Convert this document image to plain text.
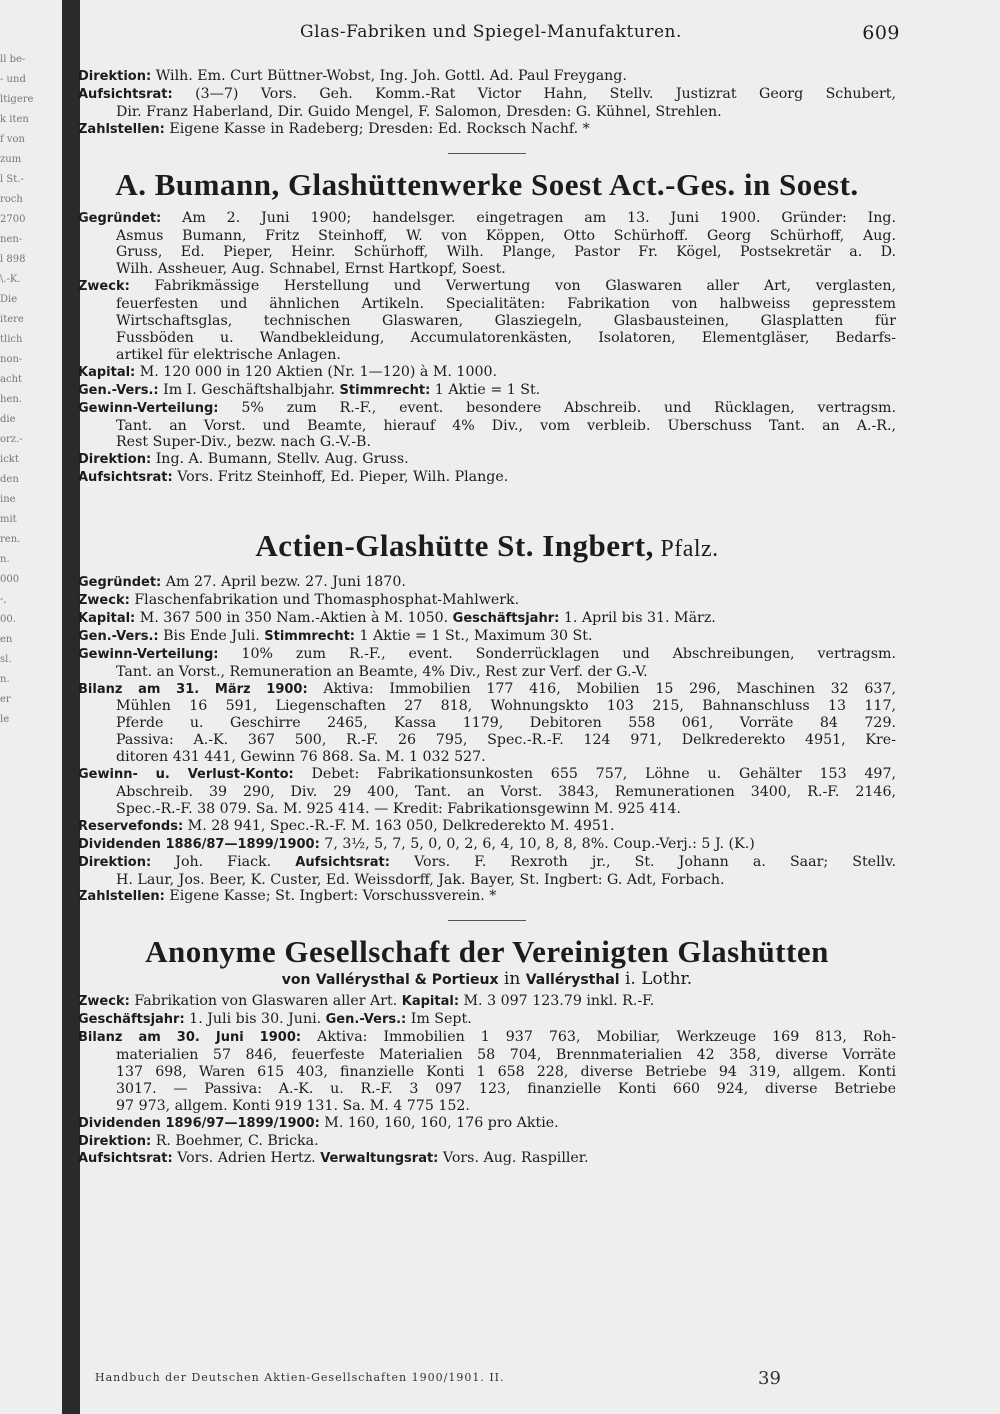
ll be-
- und
ltigere
k iten
f von
zum
l St.-
roch
2700
nen-
l 898
\.-K.
Die
itere
tlich
non-
acht
hen.
die
orz.-
ickt
den
ine
mit
ren.
n.
000
-,
00.
en
sl.
n.
er
le
Glas-Fabriken und Spiegel-Manufakturen.	609
Direktion: Wilh. Em. Curt Büttner-Wobst, Ing. Joh. Gottl. Ad. Paul Freygang.
Aufsichtsrat: (3—7) Vors. Geh. Komm.-Rat Victor Hahn, Stellv. Justizrat Georg Schubert,
Dir. Franz Haberland, Dir. Guido Mengel, F. Salomon, Dresden: G. Kühnel, Strehlen.
Zahlstellen: Eigene Kasse in Radeberg; Dresden: Ed. Rocksch Nachf. *
A. Bumann, Glashüttenwerke Soest Act.-Ges. in Soest.
Gegründet: Am 2. Juni 1900; handelsger. eingetragen am 13. Juni 1900. Gründer: Ing.
Asmus Bumann, Fritz Steinhoff, W. von Köppen, Otto Schürhoff. Georg Schürhoff, Aug.
Gruss, Ed. Pieper, Heinr. Schürhoff, Wilh. Plange, Pastor Fr. Kögel, Postsekretär a. D.
Wilh. Assheuer, Aug. Schnabel, Ernst Hartkopf, Soest.
Zweck: Fabrikmässige Herstellung und Verwertung von Glaswaren aller Art, verglasten,
feuerfesten und ähnlichen Artikeln. Specialitäten: Fabrikation von halbweiss gepresstem
Wirtschaftsglas, technischen Glaswaren, Glasziegeln, Glasbausteinen, Glasplatten für
Fussböden u. Wandbekleidung, Accumulatorenkästen, Isolatoren, Elementgläser, Bedarfs-
artikel für elektrische Anlagen.
Kapital: M. 120 000 in 120 Aktien (Nr. 1—120) à M. 1000.
Gen.-Vers.: Im I. Geschäftshalbjahr. Stimmrecht: 1 Aktie = 1 St.
Gewinn-Verteilung: 5% zum R.-F., event. besondere Abschreib. und Rücklagen, vertragsm.
Tant. an Vorst. und Beamte, hierauf 4% Div., vom verbleib. Überschuss Tant. an A.-R.,
Rest Super-Div., bezw. nach G.-V.-B.
Direktion: Ing. A. Bumann, Stellv. Aug. Gruss.
Aufsichtsrat: Vors. Fritz Steinhoff, Ed. Pieper, Wilh. Plange.
Actien-Glashütte St. Ingbert, Pfalz.
Gegründet: Am 27. April bezw. 27. Juni 1870.
Zweck: Flaschenfabrikation und Thomasphosphat-Mahlwerk.
Kapital: M. 367 500 in 350 Nam.-Aktien à M. 1050. Geschäftsjahr: 1. April bis 31. März.
Gen.-Vers.: Bis Ende Juli. Stimmrecht: 1 Aktie = 1 St., Maximum 30 St.
Gewinn-Verteilung: 10% zum R.-F., event. Sonderrücklagen und Abschreibungen, vertragsm.
Tant. an Vorst., Remuneration an Beamte, 4% Div., Rest zur Verf. der G.-V.
Bilanz am 31. März 1900: Aktiva: Immobilien 177 416, Mobilien 15 296, Maschinen 32 637,
Mühlen 16 591, Liegenschaften 27 818, Wohnungskto 103 215, Bahnanschluss 13 117,
Pferde u. Geschirre 2465, Kassa 1179, Debitoren 558 061, Vorräte 84 729.
Passiva: A.-K. 367 500, R.-F. 26 795, Spec.-R.-F. 124 971, Delkrederekto 4951, Kre-
ditoren 431 441, Gewinn 76 868. Sa. M. 1 032 527.
Gewinn- u. Verlust-Konto: Debet: Fabrikationsunkosten 655 757, Löhne u. Gehälter 153 497,
Abschreib. 39 290, Div. 29 400, Tant. an Vorst. 3843, Remunerationen 3400, R.-F. 2146,
Spec.-R.-F. 38 079. Sa. M. 925 414. — Kredit: Fabrikationsgewinn M. 925 414.
Reservefonds: M. 28 941, Spec.-R.-F. M. 163 050, Delkrederekto M. 4951.
Dividenden 1886/87—1899/1900: 7, 3½, 5, 7, 5, 0, 0, 2, 6, 4, 10, 8, 8, 8%. Coup.-Verj.: 5 J. (K.)
Direktion: Joh. Fiack. Aufsichtsrat: Vors. F. Rexroth jr., St. Johann a. Saar; Stellv.
H. Laur, Jos. Beer, K. Custer, Ed. Weissdorff, Jak. Bayer, St. Ingbert: G. Adt, Forbach.
Zahlstellen: Eigene Kasse; St. Ingbert: Vorschussverein. *
Anonyme Gesellschaft der Vereinigten Glashütten
von Vallérysthal & Portieux in Vallérysthal i. Lothr.
Zweck: Fabrikation von Glaswaren aller Art. Kapital: M. 3 097 123.79 inkl. R.-F.
Geschäftsjahr: 1. Juli bis 30. Juni. Gen.-Vers.: Im Sept.
Bilanz am 30. Juni 1900: Aktiva: Immobilien 1 937 763, Mobiliar, Werkzeuge 169 813, Roh-
materialien 57 846, feuerfeste Materialien 58 704, Brennmaterialien 42 358, diverse Vorräte
137 698, Waren 615 403, finanzielle Konti 1 658 228, diverse Betriebe 94 319, allgem. Konti
3017. — Passiva: A.-K. u. R.-F. 3 097 123, finanzielle Konti 660 924, diverse Betriebe
97 973, allgem. Konti 919 131. Sa. M. 4 775 152.
Dividenden 1896/97—1899/1900: M. 160, 160, 160, 176 pro Aktie.
Direktion: R. Boehmer, C. Bricka.
Aufsichtsrat: Vors. Adrien Hertz. Verwaltungsrat: Vors. Aug. Raspiller.
Handbuch der Deutschen Aktien-Gesellschaften 1900/1901. II.	39
